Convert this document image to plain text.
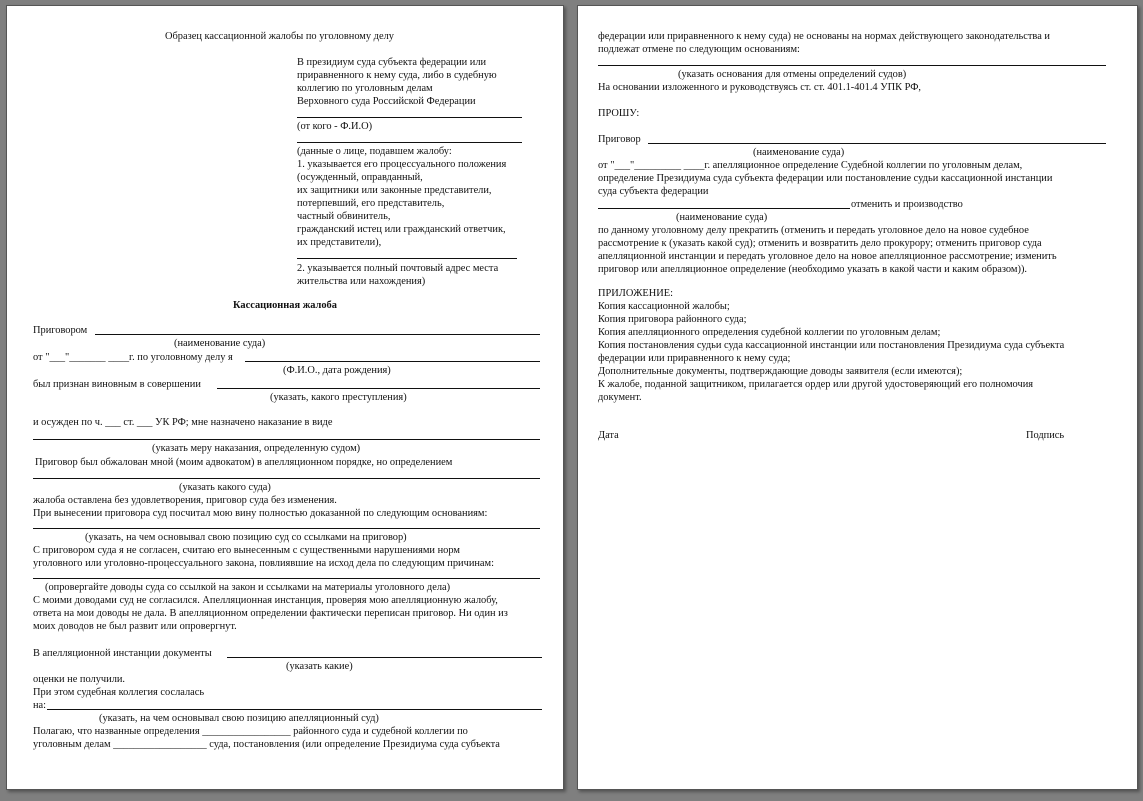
Образец кассационной жалобы по уголовному делу
В президиум суда субъекта федерации или
приравненного к нему суда, либо в судебную
коллегию по уголовным делам
Верховного суда Российской Федерации
(от кого - Ф.И.О)
(данные о лице, подавшем жалобу:
1. указывается его процессуального положения
(осужденный, оправданный,
их защитники или законные представители,
потерпевший, его представитель,
частный обвинитель,
гражданский истец или гражданский ответчик,
их представители),
2. указывается полный почтовый адрес места
жительства или нахождения)
Кассационная жалоба
Приговором
(наименование суда)
от "___"_______ ____г. по уголовному делу я
(Ф.И.О., дата рождения)
был признан виновным в совершении
(указать, какого преступления)
и осужден по ч. ___ ст. ___ УК РФ; мне назначено наказание в виде
(указать меру наказания, определенную судом)
Приговор был обжалован мной (моим адвокатом) в апелляционном порядке, но определением
(указать какого суда)
жалоба оставлена без удовлетворения, приговор суда без изменения.
При вынесении приговора суд посчитал мою вину полностью доказанной по следующим основаниям:
(указать, на чем основывал свою позицию суд со ссылками на приговор)
С приговором суда я не согласен, считаю его вынесенным с существенными нарушениями норм
уголовного или уголовно-процессуального закона, повлиявшие на исход дела по следующим причинам:
(опровергайте доводы суда со ссылкой на закон и ссылками на материалы уголовного дела)
С моими доводами суд не согласился. Апелляционная инстанция, проверяя мою апелляционную жалобу,
ответа на мои доводы не дала. В апелляционном определении фактически переписан приговор. Ни один из
моих доводов не был развит или опровергнут.
В апелляционной инстанции документы
(указать какие)
оценки не получили.
При этом судебная коллегия сослалась
на:
(указать, на чем основывал свою позицию апелляционный суд)
Полагаю, что названные определения _________________ районного суда и судебной коллегии по
уголовным делам __________________ суда, постановления (или определение Президиума суда субъекта
федерации или приравненного к нему суда) не основаны на нормах действующего законодательства и
подлежат отмене по следующим основаниям:
(указать основания для отмены определений судов)
На основании изложенного и руководствуясь ст. ст. 401.1-401.4 УПК РФ,
ПРОШУ:
Приговор
(наименование суда)
от "___"_________ ____г. апелляционное определение Судебной коллегии по уголовным делам,
определение Президиума суда субъекта федерации или постановление судьи кассационной инстанции
суда субъекта федерации
отменить и производство
(наименование суда)
по данному уголовному делу прекратить (отменить и передать уголовное дело на новое судебное
рассмотрение к (указать какой суд); отменить и возвратить дело прокурору; отменить приговор суда
апелляционной инстанции и передать уголовное дело на новое апелляционное рассмотрение; изменить
приговор или апелляционное определение (необходимо указать в какой части и каким образом)).
ПРИЛОЖЕНИЕ:
Копия кассационной жалобы;
Копия приговора районного суда;
Копия апелляционного определения судебной коллегии по уголовным делам;
Копия постановления судьи суда кассационной инстанции или постановления Президиума суда субъекта
федерации или приравненного к нему суда;
Дополнительные документы, подтверждающие доводы заявителя (если имеются);
К жалобе, поданной защитником, прилагается ордер или другой удостоверяющий его полномочия
документ.
Дата	Подпись
